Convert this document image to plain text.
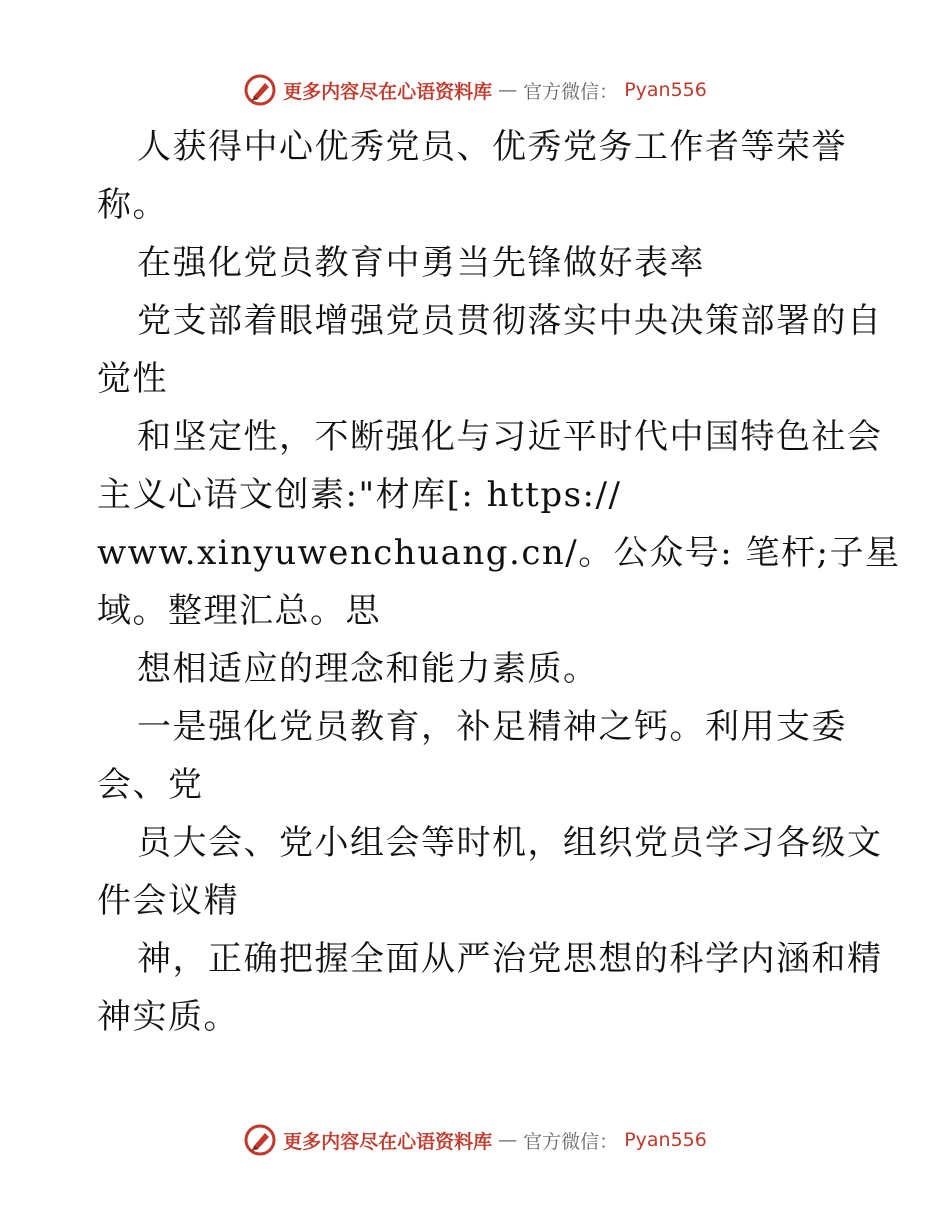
更多内容尽在心语资料库 — 官方微信： Pyan556
人获得中心优秀党员、优秀党务工作者等荣誉
称。
在强化党员教育中勇当先锋做好表率
党支部着眼增强党员贯彻落实中央决策部署的自
觉性
和坚定性，不断强化与习近平时代中国特色社会
主义心语文创素:"材库[: https://
www.xinyuwenchuang.cn/。公众号: 笔杆;子星
域。整理汇总。思
想相适应的理念和能力素质。
一是强化党员教育，补足精神之钙。利用支委
会、党
员大会、党小组会等时机，组织党员学习各级文
件会议精
神，正确把握全面从严治党思想的科学内涵和精
神实质。
更多内容尽在心语资料库 — 官方微信： Pyan556
